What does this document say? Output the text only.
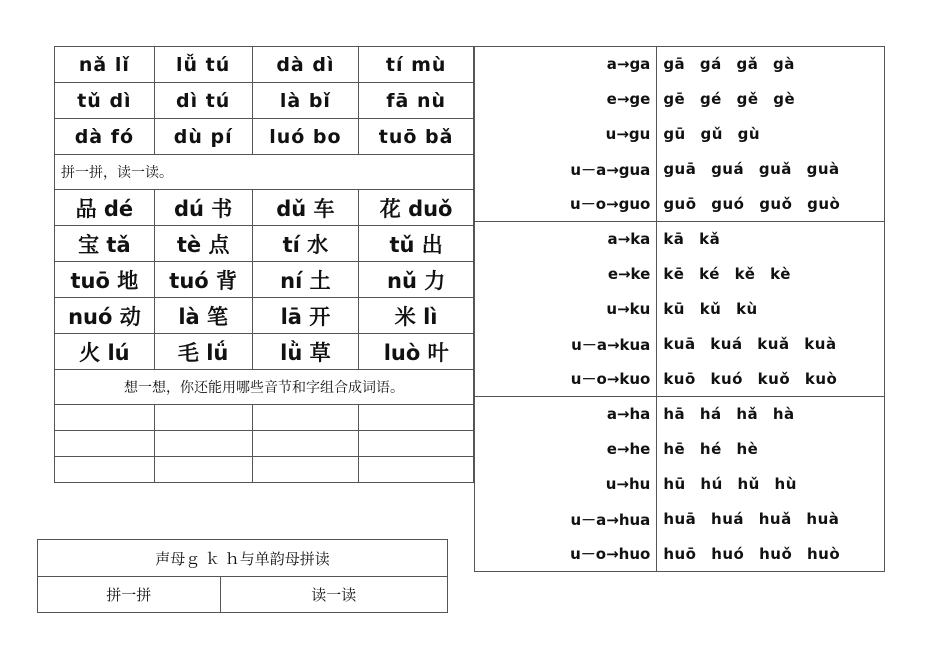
nǎ lǐ	lǚ tú	dà dì	tí mù
tǔ dì	dì tú	là bǐ	fā nù
dà fó	dù pí	luó bo	tuō bǎ
拼一拼，读一读。			
品 dé	dú 书	dǔ 车	花 duǒ
宝 tǎ	tè 点	tí 水	tǔ 出
tuō 地	tuó 背	ní 土	nǔ 力
nuó 动	là 笔	lā 开	米 lì
火 lú	毛 lǘ	lǜ 草	luò 叶
想一想，你还能用哪些音节和字组合成词语。			

a→ga	gā gá gǎ gà
e→ge	gē gé gě gè
u→gu	gū gǔ gù
u－a→gua	guā guá guǎ guà
u－o→guo	guō guó guǒ guò
a→ka	kā kǎ
e→ke	kē ké kě kè
u→ku	kū kǔ kù
u－a→kua	kuā kuá kuǎ kuà
u－o→kuo	kuō kuó kuǒ kuò
a→ha	hā há hǎ hà
e→he	hē hé hè
u→hu	hū hú hǔ hù
u－a→hua	huā huá huǎ huà
u－o→huo	huō huó huǒ huò
声母ｇ ｋ ｈ与单韵母拼读
拼一拼	读一读
